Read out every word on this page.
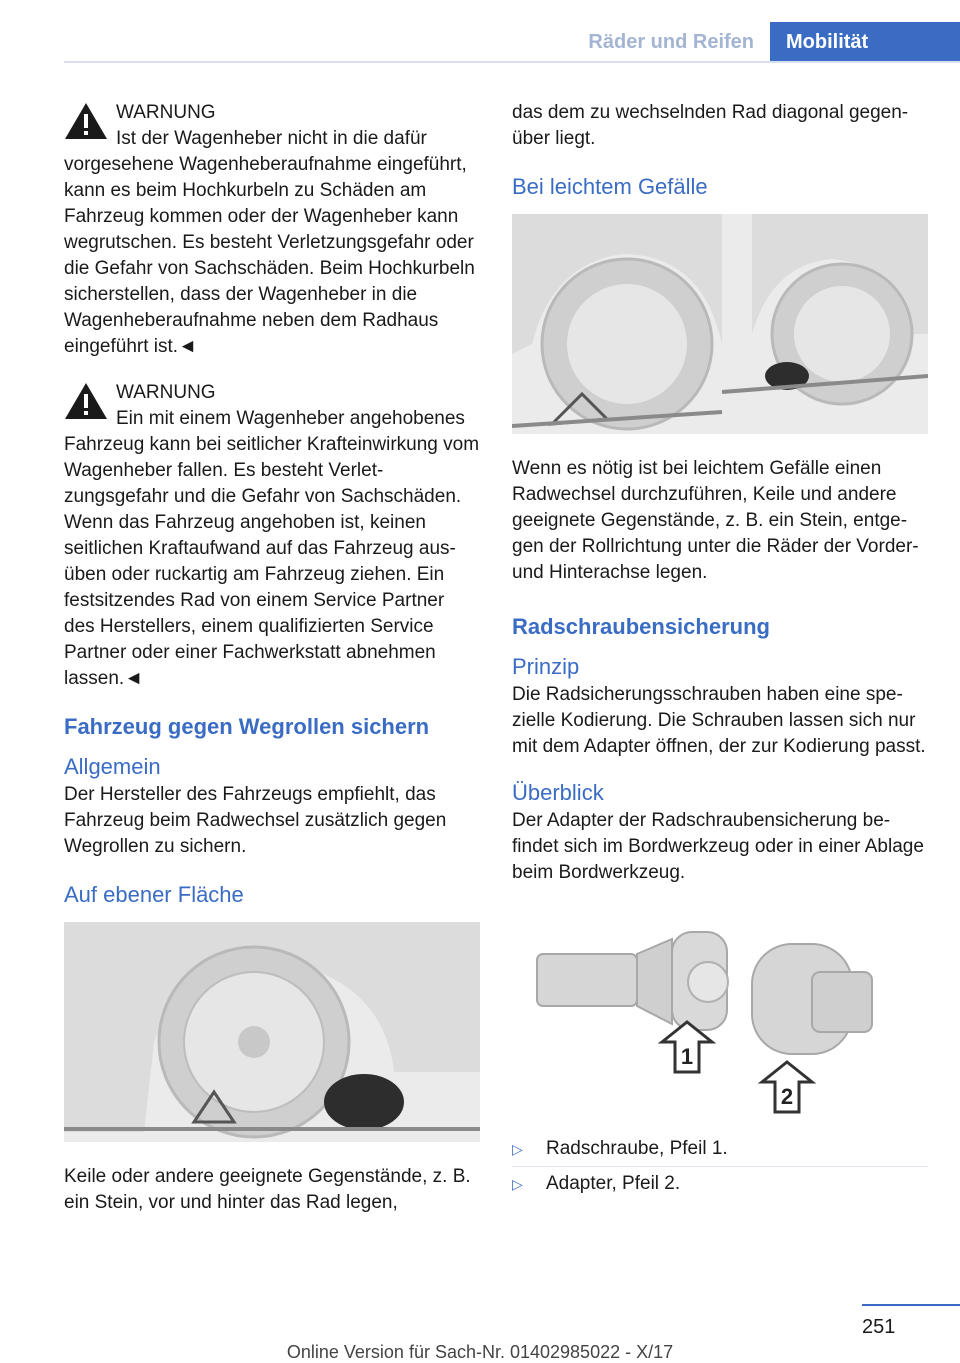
Räder und Reifen	Mobilität
WARNUNG

Ist der Wagenheber nicht in die dafür
vorgesehene Wagenheberaufnahme eingeführt, kann es beim Hochkurbeln zu Schäden am Fahrzeug kommen oder der Wagenheber kann wegrutschen. Es besteht Verletzungsgefahr oder die Gefahr von Sachschäden. Beim Hochkurbeln sicherstellen, dass der Wagenheber in die Wagenheberaufnahme neben dem Radhaus eingeführt ist.◄

WARNUNG

Ein mit einem Wagenheber angehobenes
Fahrzeug kann bei seitlicher Krafteinwirkung vom Wagenheber fallen. Es besteht Verletzungsgefahr und die Gefahr von Sachschäden. Wenn das Fahrzeug angehoben ist, keinen seitlichen Kraftaufwand auf das Fahrzeug ausüben oder ruckartig am Fahrzeug ziehen. Ein festsitzendes Rad von einem Service Partner des Herstellers, einem qualifizierten Service Partner oder einer Fachwerkstatt abnehmen lassen.◄

Fahrzeug gegen Wegrollen sichern
Allgemein

Der Hersteller des Fahrzeugs empfiehlt, das Fahrzeug beim Radwechsel zusätzlich gegen Wegrollen zu sichern.

Auf ebener Fläche

Keile oder andere geeignete Gegenstände, z. B. ein Stein, vor und hinter das Rad legen,

das dem zu wechselnden Rad diagonal gegenüber liegt.

Bei leichtem Gefälle

Wenn es nötig ist bei leichtem Gefälle einen Radwechsel durchzuführen, Keile und andere geeignete Gegenstände, z. B. ein Stein, entgegen der Rollrichtung unter die Räder der Vorder- und Hinterachse legen.

Radschraubensicherung
Prinzip

Die Radsicherungsschrauben haben eine spezielle Kodierung. Die Schrauben lassen sich nur mit dem Adapter öffnen, der zur Kodierung passt.

Überblick

Der Adapter der Radschraubensicherung befindet sich im Bordwerkzeug oder in einer Ablage beim Bordwerkzeug.

1
2
▷ Radschraube, Pfeil 1.
▷ Adapter, Pfeil 2.
251
Online Version für Sach-Nr. 01402985022 - X/17
